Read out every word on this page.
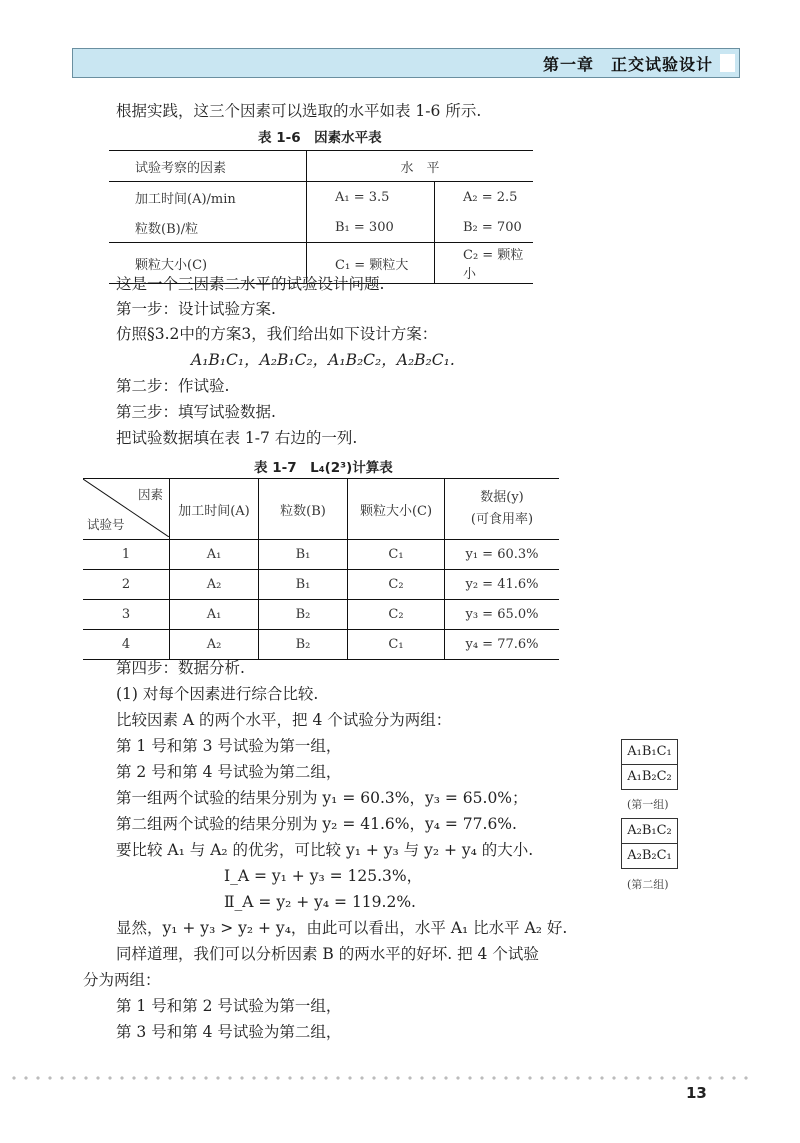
第一章　正交试验设计
根据实践，这三个因素可以选取的水平如表 1-6 所示.
表 1-6　因素水平表
试验考察的因素	水　平	
加工时间(A)/min	A₁ = 3.5	A₂ = 2.5
粒数(B)/粒	B₁ = 300	B₂ = 700
颗粒大小(C)	C₁ = 颗粒大	C₂ = 颗粒小
这是一个三因素二水平的试验设计问题.
第一步：设计试验方案.
仿照§3.2中的方案3，我们给出如下设计方案：
A₁B₁C₁，A₂B₁C₂，A₁B₂C₂，A₂B₂C₁.
第二步：作试验.
第三步：填写试验数据.
把试验数据填在表 1-7 右边的一列.
表 1-7　L₄(2³)计算表
因素
试验号	加工时间(A)	粒数(B)	颗粒大小(C)	数据(y)
(可食用率)

1	A₁	B₁	C₁	y₁ = 60.3%
2	A₂	B₁	C₂	y₂ = 41.6%
3	A₁	B₂	C₂	y₃ = 65.0%
4	A₂	B₂	C₁	y₄ = 77.6%
第四步：数据分析.
(1) 对每个因素进行综合比较.
比较因素 A 的两个水平，把 4 个试验分为两组：
第 1 号和第 3 号试验为第一组，
第 2 号和第 4 号试验为第二组，
第一组两个试验的结果分别为 y₁ = 60.3%，y₃ = 65.0%；
第二组两个试验的结果分别为 y₂ = 41.6%，y₄ = 77.6%.
要比较 A₁ 与 A₂ 的优劣，可比较 y₁ + y₃ 与 y₂ + y₄ 的大小.
Ⅰ_A = y₁ + y₃ = 125.3%，
Ⅱ_A = y₂ + y₄ = 119.2%.
显然，y₁ + y₃ > y₂ + y₄，由此可以看出，水平 A₁ 比水平 A₂ 好.
同样道理，我们可以分析因素 B 的两水平的好坏. 把 4 个试验
分为两组：
第 1 号和第 2 号试验为第一组，
第 3 号和第 4 号试验为第二组，
A₁B₁C₁
A₁B₂C₂
(第一组)
A₂B₁C₂
A₂B₂C₁
(第二组)
13
